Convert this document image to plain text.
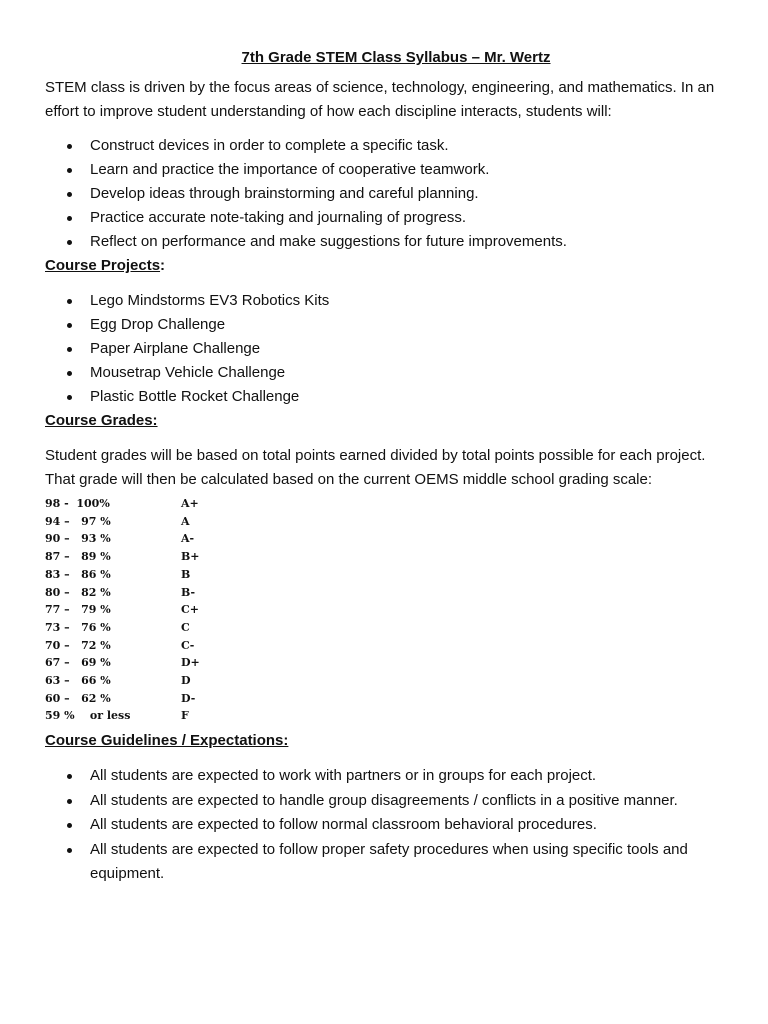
7th Grade STEM Class Syllabus – Mr. Wertz

STEM class is driven by the focus areas of science, technology, engineering, and mathematics. In an effort to improve student understanding of how each discipline interacts, students will:

Construct devices in order to complete a specific task.
Learn and practice the importance of cooperative teamwork.
Develop ideas through brainstorming and careful planning.
Practice accurate note-taking and journaling of progress.
Reflect on performance and make suggestions for future improvements.
Course Projects:
Lego Mindstorms EV3 Robotics Kits
Egg Drop Challenge
Paper Airplane Challenge
Mousetrap Vehicle Challenge
Plastic Bottle Rocket Challenge
Course Grades:

Student grades will be based on total points earned divided by total points possible for each project. That grade will then be calculated based on the current OEMS middle school grading scale:

98 -  100%	A+
94 –   97 %	A
90 –   93 %	A-
87 –   89 %	B+
83 –   86 %	B
80 –   82 %	B-
77 –   79 %	C+
73 –   76 %	C
70 –   72 %	C-
67 –   69 %	D+
63 –   66 %	D
60 –   62 %	D-
59 %    or less	F
Course Guidelines / Expectations:
All students are expected to work with partners or in groups for each project.
All students are expected to handle group disagreements / conflicts in a positive manner.
All students are expected to follow normal classroom behavioral procedures.
All students are expected to follow proper safety procedures when using specific tools and equipment.
